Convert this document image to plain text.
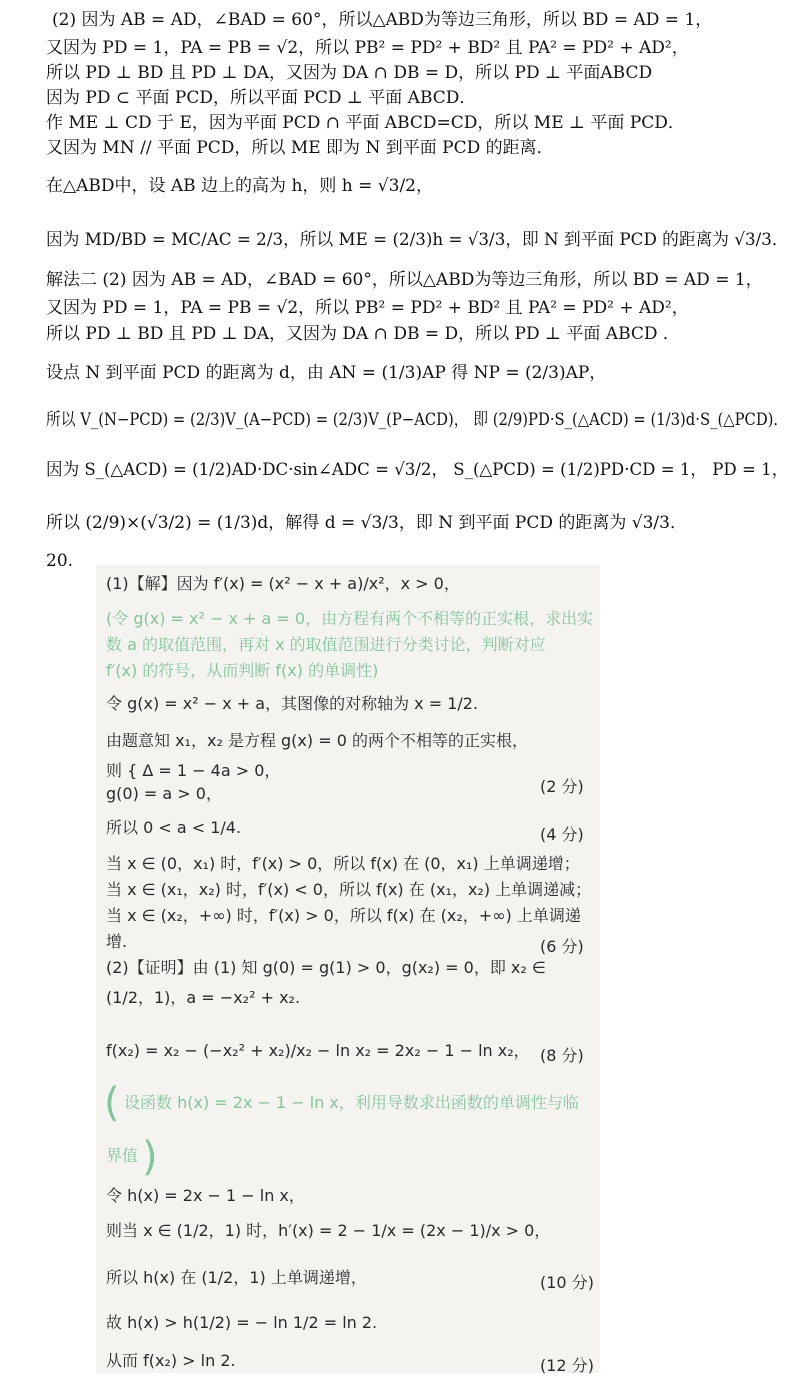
(2) 因为 AB = AD，∠BAD = 60°，所以△ABD为等边三角形，所以 BD = AD = 1，
又因为 PD = 1，PA = PB = √2，所以 PB² = PD² + BD² 且 PA² = PD² + AD²，
所以 PD ⊥ BD 且 PD ⊥ DA，又因为 DA ∩ DB = D，所以 PD ⊥ 平面ABCD
因为 PD ⊂ 平面 PCD，所以平面 PCD ⊥ 平面 ABCD．
作 ME ⊥ CD 于 E，因为平面 PCD ∩ 平面 ABCD=CD，所以 ME ⊥ 平面 PCD．
又因为 MN // 平面 PCD，所以 ME 即为 N 到平面 PCD 的距离．
在△ABD中，设 AB 边上的高为 h，则 h = √3/2，
因为 MD/BD = MC/AC = 2/3，所以 ME = (2/3)h = √3/3，即 N 到平面 PCD 的距离为 √3/3．
解法二 (2) 因为 AB = AD，∠BAD = 60°，所以△ABD为等边三角形，所以 BD = AD = 1，
又因为 PD = 1，PA = PB = √2，所以 PB² = PD² + BD² 且 PA² = PD² + AD²，
所以 PD ⊥ BD 且 PD ⊥ DA，又因为 DA ∩ DB = D，所以 PD ⊥ 平面 ABCD ．
设点 N 到平面 PCD 的距离为 d，由 AN = (1/3)AP 得 NP = (2/3)AP，
所以 V_(N−PCD) = (2/3)V_(A−PCD) = (2/3)V_(P−ACD)， 即 (2/9)PD·S_(△ACD) = (1/3)d·S_(△PCD)．
因为 S_(△ACD) = (1/2)AD·DC·sin∠ADC = √3/2， S_(△PCD) = (1/2)PD·CD = 1， PD = 1，
所以 (2/9)×(√3/2) = (1/3)d，解得 d = √3/3，即 N 到平面 PCD 的距离为 √3/3．
20.
(1)【解】因为 f′(x) = (x² − x + a)/x²，x > 0，
(令 g(x) = x² − x + a = 0，由方程有两个不相等的正实根，求出实
数 a 的取值范围，再对 x 的取值范围进行分类讨论，判断对应
f′(x) 的符号，从而判断 f(x) 的单调性)
令 g(x) = x² − x + a，其图像的对称轴为 x = 1/2.
由题意知 x₁，x₂ 是方程 g(x) = 0 的两个不相等的正实根，
则 { Δ = 1 − 4a > 0，
g(0) = a > 0，
所以 0 < a < 1/4.
当 x ∈ (0，x₁) 时，f′(x) > 0，所以 f(x) 在 (0，x₁) 上单调递增；
当 x ∈ (x₁，x₂) 时，f′(x) < 0，所以 f(x) 在 (x₁，x₂) 上单调递减；
当 x ∈ (x₂，+∞) 时，f′(x) > 0，所以 f(x) 在 (x₂，+∞) 上单调递
增.
(2)【证明】由 (1) 知 g(0) = g(1) > 0，g(x₂) = 0，即 x₂ ∈
(1/2，1)，a = −x₂² + x₂.
f(x₂) = x₂ − (−x₂² + x₂)/x₂ − ln x₂ = 2x₂ − 1 − ln x₂，
( 设函数 h(x) = 2x − 1 − ln x，利用导数求出函数的单调性与临
界值 )
令 h(x) = 2x − 1 − ln x，
则当 x ∈ (1/2，1) 时，h′(x) = 2 − 1/x = (2x − 1)/x > 0，
所以 h(x) 在 (1/2，1) 上单调递增，
故 h(x) > h(1/2) = − ln 1/2 = ln 2.
从而 f(x₂) > ln 2.
(2 分)
(4 分)
(6 分)
(8 分)
(10 分)
(12 分)
